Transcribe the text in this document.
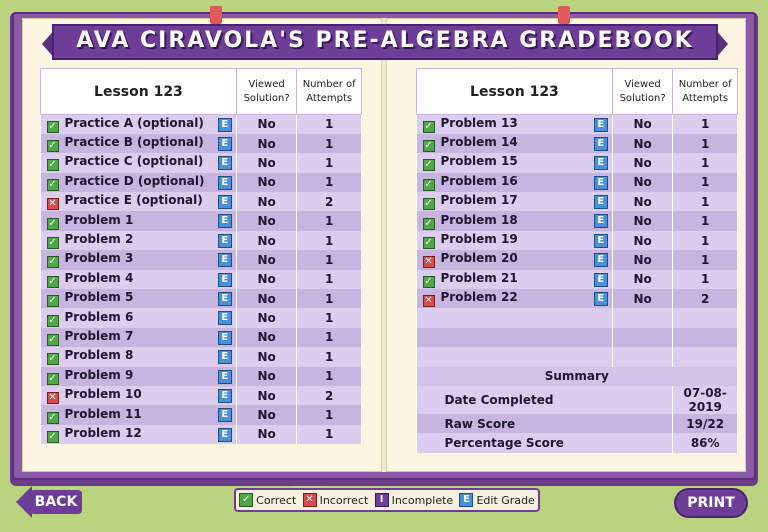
AVA CIRAVOLA'S PRE-ALGEBRA GRADEBOOK
Lesson 123	Viewed Solution?	Number of Attempts
✓ Practice A (optional) E	No	1
✓ Practice B (optional) E	No	1
✓ Practice C (optional) E	No	1
✓ Practice D (optional) E	No	1
✕ Practice E (optional) E	No	2
✓ Problem 1 E	No	1
✓ Problem 2 E	No	1
✓ Problem 3 E	No	1
✓ Problem 4 E	No	1
✓ Problem 5 E	No	1
✓ Problem 6 E	No	1
✓ Problem 7 E	No	1
✓ Problem 8 E	No	1
✓ Problem 9 E	No	1
✕ Problem 10 E	No	2
✓ Problem 11 E	No	1
✓ Problem 12 E	No	1
Lesson 123	Viewed Solution?	Number of Attempts
✓ Problem 13 E	No	1
✓ Problem 14 E	No	1
✓ Problem 15 E	No	1
✓ Problem 16 E	No	1
✓ Problem 17 E	No	1
✓ Problem 18 E	No	1
✓ Problem 19 E	No	1
✕ Problem 20 E	No	1
✓ Problem 21 E	No	1
✕ Problem 22 E	No	2

Summary		
Date Completed		07-08-2019
Raw Score		19/22
Percentage Score		86%
BACK	✓ Correct ✕ Incorrect	I Incomplete E Edit Grade	PRINT
